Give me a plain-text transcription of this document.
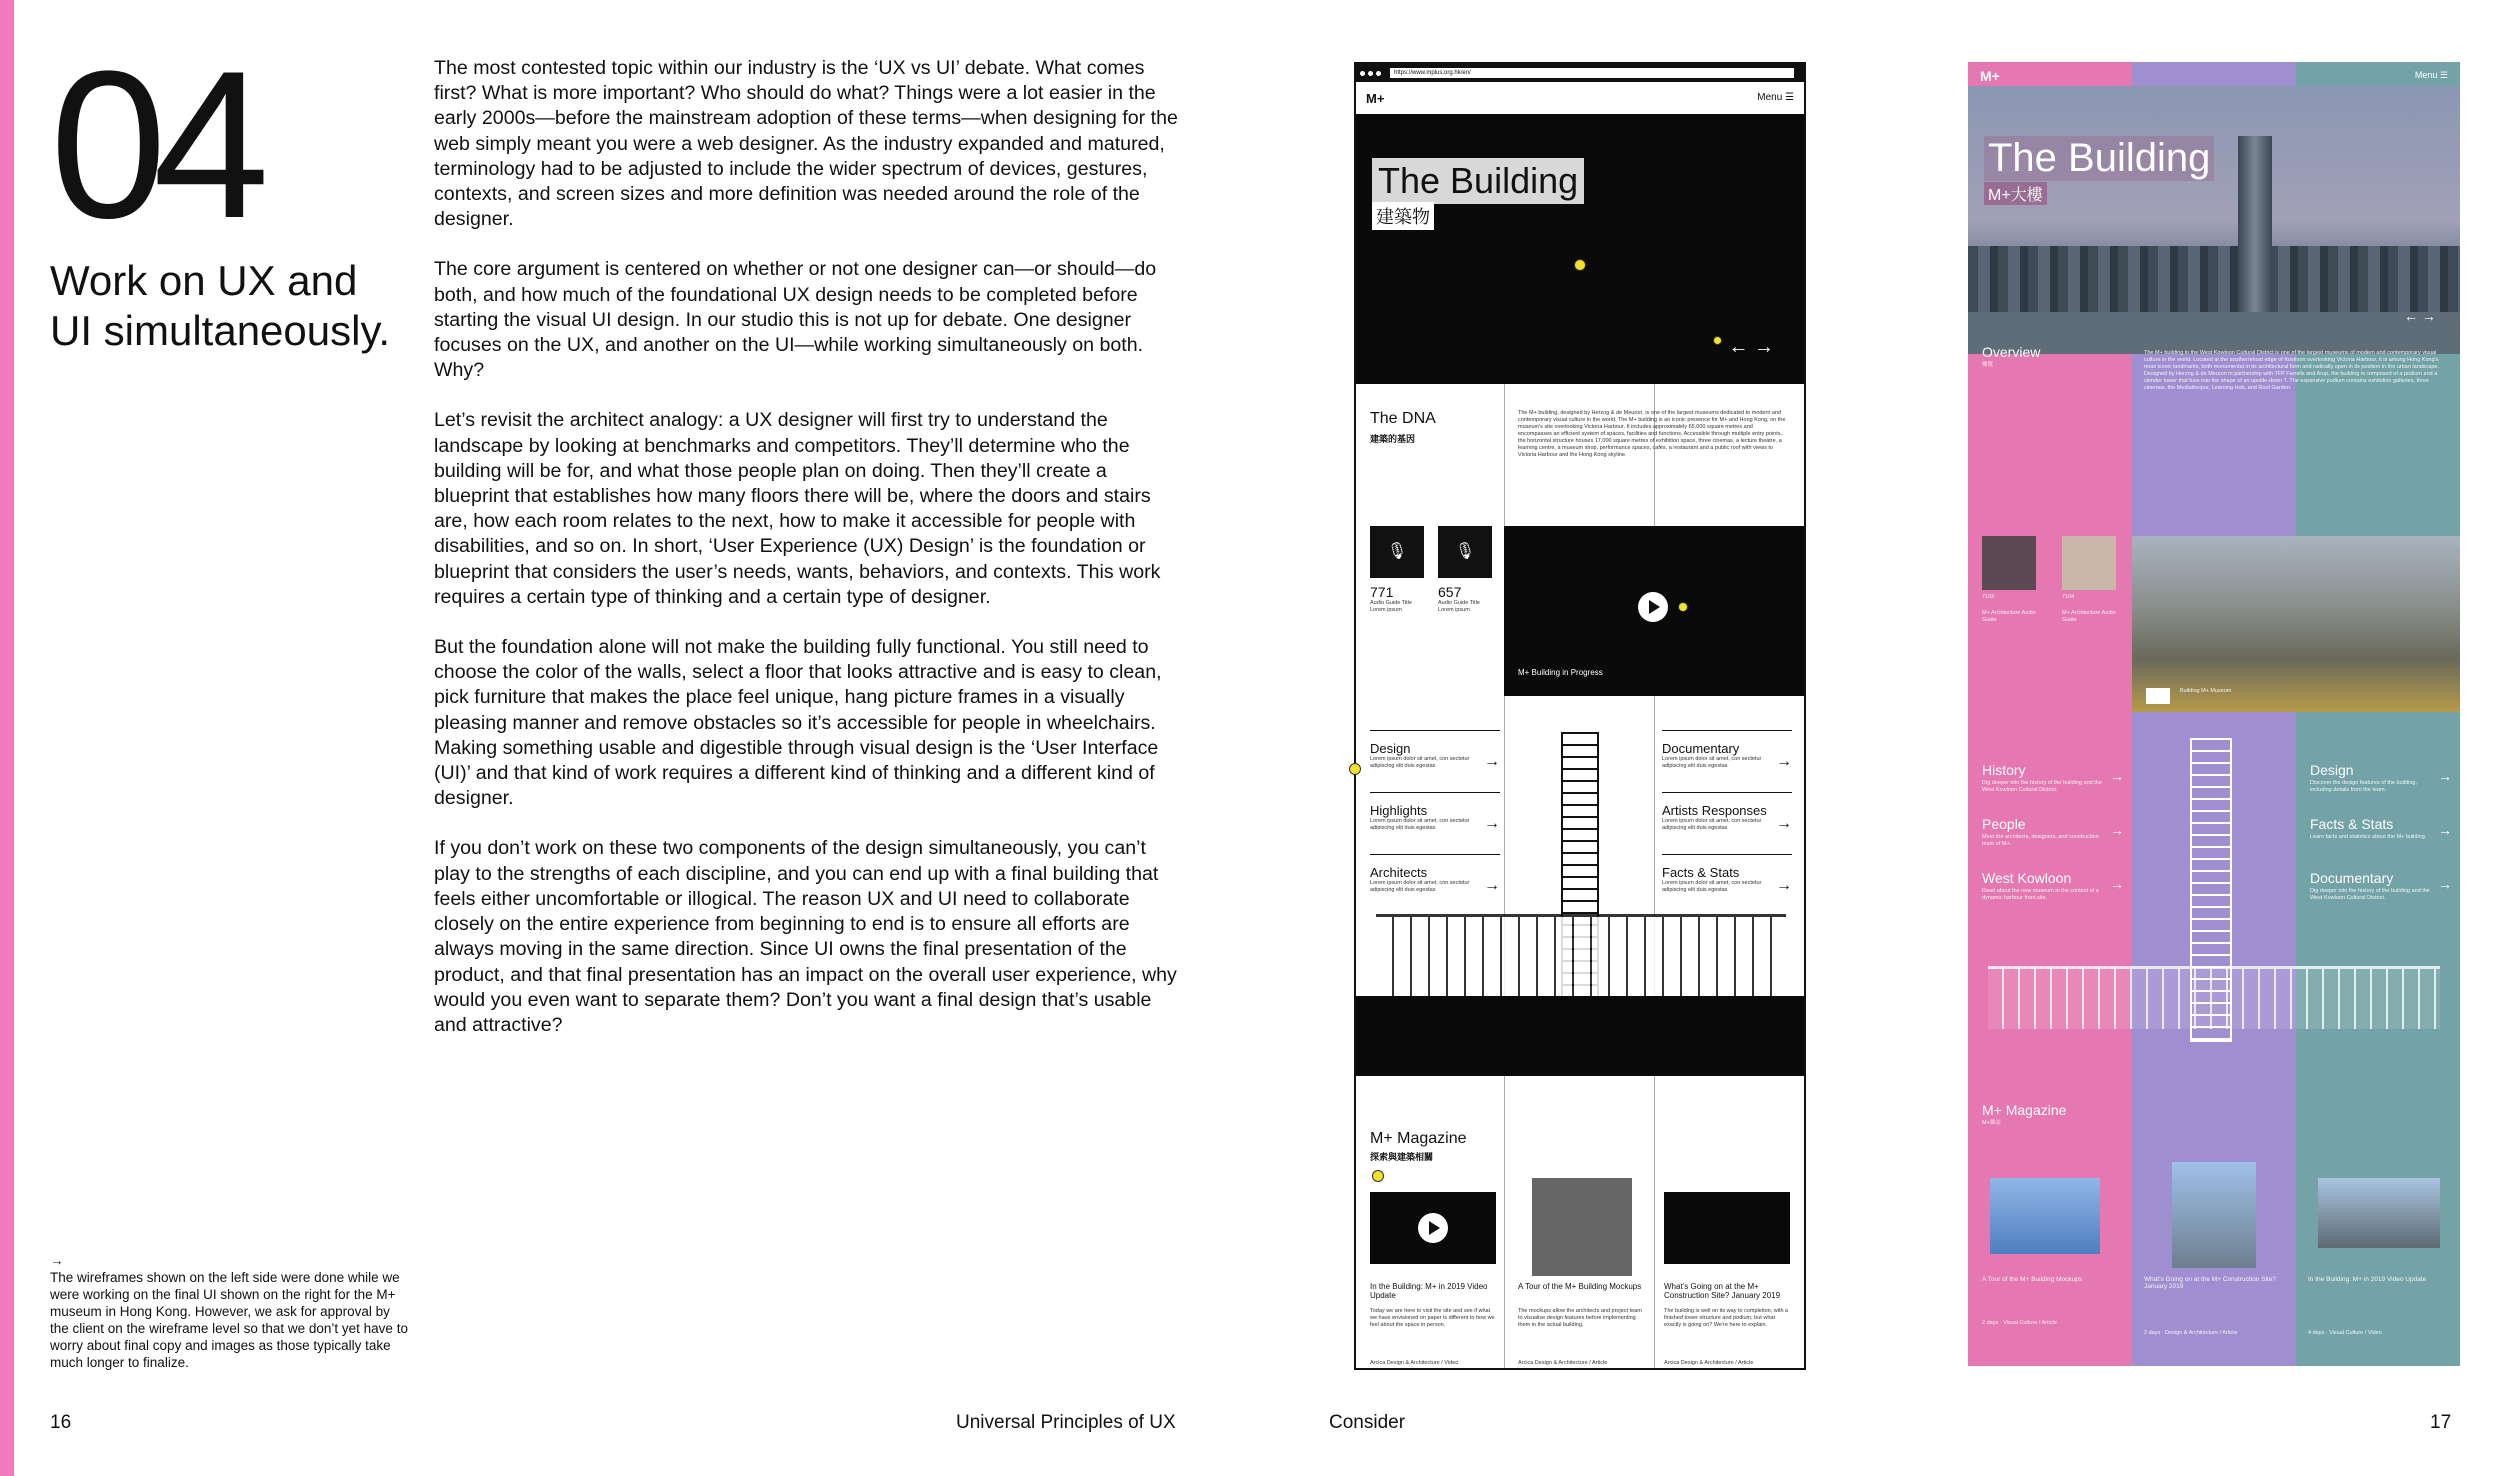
04
Work on UX and UI simultaneously.

The most contested topic within our industry is the ‘UX vs UI’ debate. What comes first? What is more important? Who should do what? Things were a lot easier in the early 2000s—before the mainstream adoption of these terms—when designing for the web simply meant you were a web designer. As the industry expanded and matured, terminology had to be adjusted to include the wider spectrum of devices, gestures, contexts, and screen sizes and more definition was needed around the role of the designer.

The core argument is centered on whether or not one designer can—or should—do both, and how much of the foundational UX design needs to be completed before starting the visual UI design. In our studio this is not up for debate. One designer focuses on the UX, and another on the UI—while working simultaneously on both. Why?

Let’s revisit the architect analogy: a UX designer will first try to understand the landscape by looking at benchmarks and competitors. They’ll determine who the building will be for, and what those people plan on doing. Then they’ll create a blueprint that establishes how many floors there will be, where the doors and stairs are, how each room relates to the next, how to make it accessible for people with disabilities, and so on. In short, ‘User Experience (UX) Design’ is the foundation or blueprint that considers the user’s needs, wants, behaviors, and contexts. This work requires a certain type of thinking and a certain type of designer.

But the foundation alone will not make the building fully functional. You still need to choose the color of the walls, select a floor that looks attractive and is easy to clean, pick furniture that makes the place feel unique, hang picture frames in a visually pleasing manner and remove obstacles so it’s accessible for people in wheelchairs. Making something usable and digestible through visual design is the ‘User Interface (UI)’ and that kind of work requires a different kind of thinking and a different kind of designer.

If you don’t work on these two components of the design simultaneously, you can’t play to the strengths of each discipline, and you can end up with a final building that feels either uncomfortable or illogical. The reason UX and UI need to collaborate closely on the entire experience from beginning to end is to ensure all efforts are always moving in the same direction. Since UI owns the final presentation of the product, and that final presentation has an impact on the overall user experience, why would you even want to separate them? Don’t you want a final design that’s usable and attractive?

→
The wireframes shown on the left side were done while we were working on the final UI shown on the right for the M+ museum in Hong Kong. However, we ask for approval by the client on the wireframe level so that we don’t yet have to worry about final copy and images as those typically take much longer to finalize.
16	Universal Principles of UX	Consider	17
https://www.mplus.org.hk/en/
M+	Menu ☰
The Building
建築物
← →
The DNA
建築的基因
The M+ building, designed by Herzog & de Meuron, is one of the largest museums dedicated to modern and contemporary visual culture in the world. The M+ building is an iconic presence for M+ and Hong Kong, on the museum's site overlooking Victoria Harbour. It includes approximately 65,000 square metres and encompasses an efficient system of spaces, facilities and functions. Accessible through multiple entry points, the horizontal structure houses 17,000 square metres of exhibition space, three cinemas, a lecture theatre, a learning centre, a museum shop, performance spaces, cafés, a restaurant and a public roof with views to Victoria Harbour and the Hong Kong skyline.
🎙	🎙
771
Audio Guide Title Lorem ipsum
657
Audio Guide Title Lorem ipsum
M+ Building in Progress
Design
Lorem ipsum dolor sit amet, con sectetur adipiscing elit duis egestas	→
Highlights
Lorem ipsum dolor sit amet, con sectetur adipiscing elit duis egestas	→
Architects
Lorem ipsum dolor sit amet, con sectetur adipiscing elit duis egestas	→
Documentary
Lorem ipsum dolor sit amet, con sectetur adipiscing elit duis egestas	→
Artists Responses
Lorem ipsum dolor sit amet, con sectetur adipiscing elit duis egestas	→
Facts & Stats
Lorem ipsum dolor sit amet, con sectetur adipiscing elit duis egestas	→
M+ Magazine
探索與建築相關
In the Building: M+ in 2019 Video Update
Today we are here to visit the site and see if what we have envisioned on paper is different to how we feel about the space in person.
Arcica Design & Architecture / Video
A Tour of the M+ Building Mockups
The mockups allow the architects and project team to visualise design features before implementing them in the actual building.
Arcica Design & Architecture / Article
What’s Going on at the M+ Construction Site? January 2019
The building is well on its way to completion, with a finished tower structure and podium, but what exactly is going on? We're here to explain.
Arcica Design & Architecture / Article
M+	Menu ☰
The Building
M+大樓
← →
Overview
概覽
The M+ building in the West Kowloon Cultural District is one of the largest museums of modern and contemporary visual culture in the world. Located at the southernmost edge of Kowloon overlooking Victoria Harbour, it is among Hong Kong's most iconic landmarks, both monumental in its architectural form and radically open in its position in the urban landscape. Designed by Herzog & de Meuron in partnership with TFP Farrells and Arup, the building is composed of a podium and a slender tower that fuse into the shape of an upside-down T. The expansive podium contains exhibition galleries, three cinemas, the Mediatheque, Learning Hub, and Roof Garden.
7102
M+ Architecture Audio Guide
7104
M+ Architecture Audio Guide
Building M+ Museum
History
Dig deeper into the history of the building and the West Kowloon Cultural District.
→	Design
Discover the design features of the building, including details from the team.
→
People
Meet the architects, designers, and construction team of M+.
→	Facts & Stats
Learn facts and statistics about the M+ building. →
West Kowloon
Read about the new museum in the context of a dynamic harbour front site.
→	Documentary
Dig deeper into the history of the building and the West Kowloon Cultural District.
→
M+ Magazine
M+雜誌
A Tour of the M+ Building Mockups
2 days · Visual Culture / Article
What’s Going on at the M+ Construction Site? January 2019
2 days · Design & Architecture / Article
In the Building: M+ in 2019 Video Update
4 days · Visual Culture / Video
